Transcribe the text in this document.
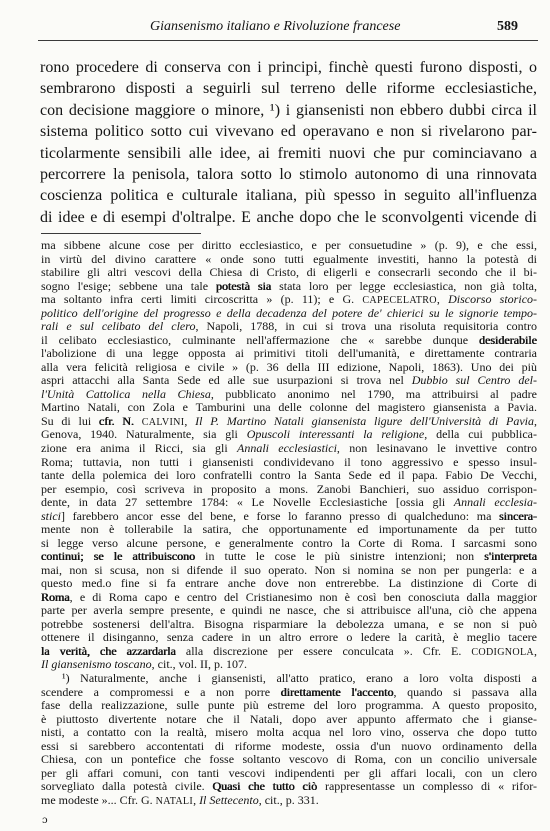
Giansenismo italiano e Rivoluzione francese	589
rono procedere di conserva con i principi, finchè questi furono disposti, o
sembrarono disposti a seguirli sul terreno delle riforme ecclesiastiche,
con decisione maggiore o minore, ¹) i giansenisti non ebbero dubbi circa il
sistema politico sotto cui vivevano ed operavano e non si rivelarono par-
ticolarmente sensibili alle idee, ai fremiti nuovi che pur cominciavano a
percorrere la penisola, talora sotto lo stimolo autonomo di una rinnovata
coscienza politica e culturale italiana, più spesso in seguito all'influenza
di idee e di esempi d'oltralpe. E anche dopo che le sconvolgenti vicende di
ma sibbene alcune cose per diritto ecclesiastico, e per consuetudine » (p. 9), e che essi,
in virtù del divino carattere « onde sono tutti egualmente investiti, hanno la potestà di
stabilire gli altri vescovi della Chiesa di Cristo, di eligerli e consecrarli secondo che il bi-
sogno l'esige; sebbene una tale potestà sia stata loro per legge ecclesiastica, non già tolta,
ma soltanto infra certi limiti circoscritta » (p. 11); e G. CAPECELATRO, Discorso storico-
politico dell'origine del progresso e della decadenza del potere de' chierici su le signorie tempo-
rali e sul celibato del clero, Napoli, 1788, in cui si trova una risoluta requisitoria contro
il celibato ecclesiastico, culminante nell'affermazione che « sarebbe dunque desiderabile
l'abolizione di una legge opposta ai primitivi titoli dell'umanità, e direttamente contraria
alla vera felicità religiosa e civile » (p. 36 della III edizione, Napoli, 1863). Uno dei più
aspri attacchi alla Santa Sede ed alle sue usurpazioni si trova nel Dubbio sul Centro del-
l'Unità Cattolica nella Chiesa, pubblicato anonimo nel 1790, ma attribuirsi al padre
Martino Natali, con Zola e Tamburini una delle colonne del magistero giansenista a Pavia.
Su di lui cfr. N. CALVINI, Il P. Martino Natali giansenista ligure dell'Università di Pavia,
Genova, 1940. Naturalmente, sia gli Opuscoli interessanti la religione, della cui pubblica-
zione era anima il Ricci, sia gli Annali ecclesiastici, non lesinavano le invettive contro
Roma; tuttavia, non tutti i giansenisti condividevano il tono aggressivo e spesso insul-
tante della polemica dei loro confratelli contro la Santa Sede ed il papa. Fabio De Vecchi,
per esempio, così scriveva in proposito a mons. Zanobi Banchieri, suo assiduo corrispon-
dente, in data 27 settembre 1784: « Le Novelle Ecclesiastiche [ossia gli Annali ecclesia-
stici] farebbero ancor esse del bene, e forse lo faranno presso di qualcheduno: ma sincera-
mente non è tollerabile la satira, che opportunamente ed importunamente da per tutto
si legge verso alcune persone, e generalmente contro la Corte di Roma. I sarcasmi sono
continui; se le attribuiscono in tutte le cose le più sinistre intenzioni; non s'interpreta
mai, non si scusa, non si difende il suo operato. Non si nomina se non per pungerla: e a
questo med.o fine si fa entrare anche dove non entrerebbe. La distinzione di Corte di
Roma, e di Roma capo e centro del Cristianesimo non è così ben conosciuta dalla maggior
parte per averla sempre presente, e quindi ne nasce, che si attribuisce all'una, ciò che appena
potrebbe sostenersi dell'altra. Bisogna risparmiare la debolezza umana, e se non si può
ottenere il disinganno, senza cadere in un altro errore o ledere la carità, è meglio tacere
la verità, che azzardarla alla discrezione per essere conculcata ». Cfr. E. CODIGNOLA,
Il giansenismo toscano, cit., vol. II, p. 107.
¹) Naturalmente, anche i giansenisti, all'atto pratico, erano a loro volta disposti a
scendere a compromessi e a non porre direttamente l'accento, quando si passava alla
fase della realizzazione, sulle punte più estreme del loro programma. A questo proposito,
è piuttosto divertente notare che il Natali, dopo aver appunto affermato che i gianse-
nisti, a contatto con la realtà, misero molta acqua nel loro vino, osserva che dopo tutto
essi si sarebbero accontentati di riforme modeste, ossia d'un nuovo ordinamento della
Chiesa, con un pontefice che fosse soltanto vescovo di Roma, con un concilio universale
per gli affari comuni, con tanti vescovi indipendenti per gli affari locali, con un clero
sorvegliato dalla potestà civile. Quasi che tutto ciò rappresentasse un complesso di « rifor-
me modeste »... Cfr. G. NATALI, Il Settecento, cit., p. 331.
ɔ
